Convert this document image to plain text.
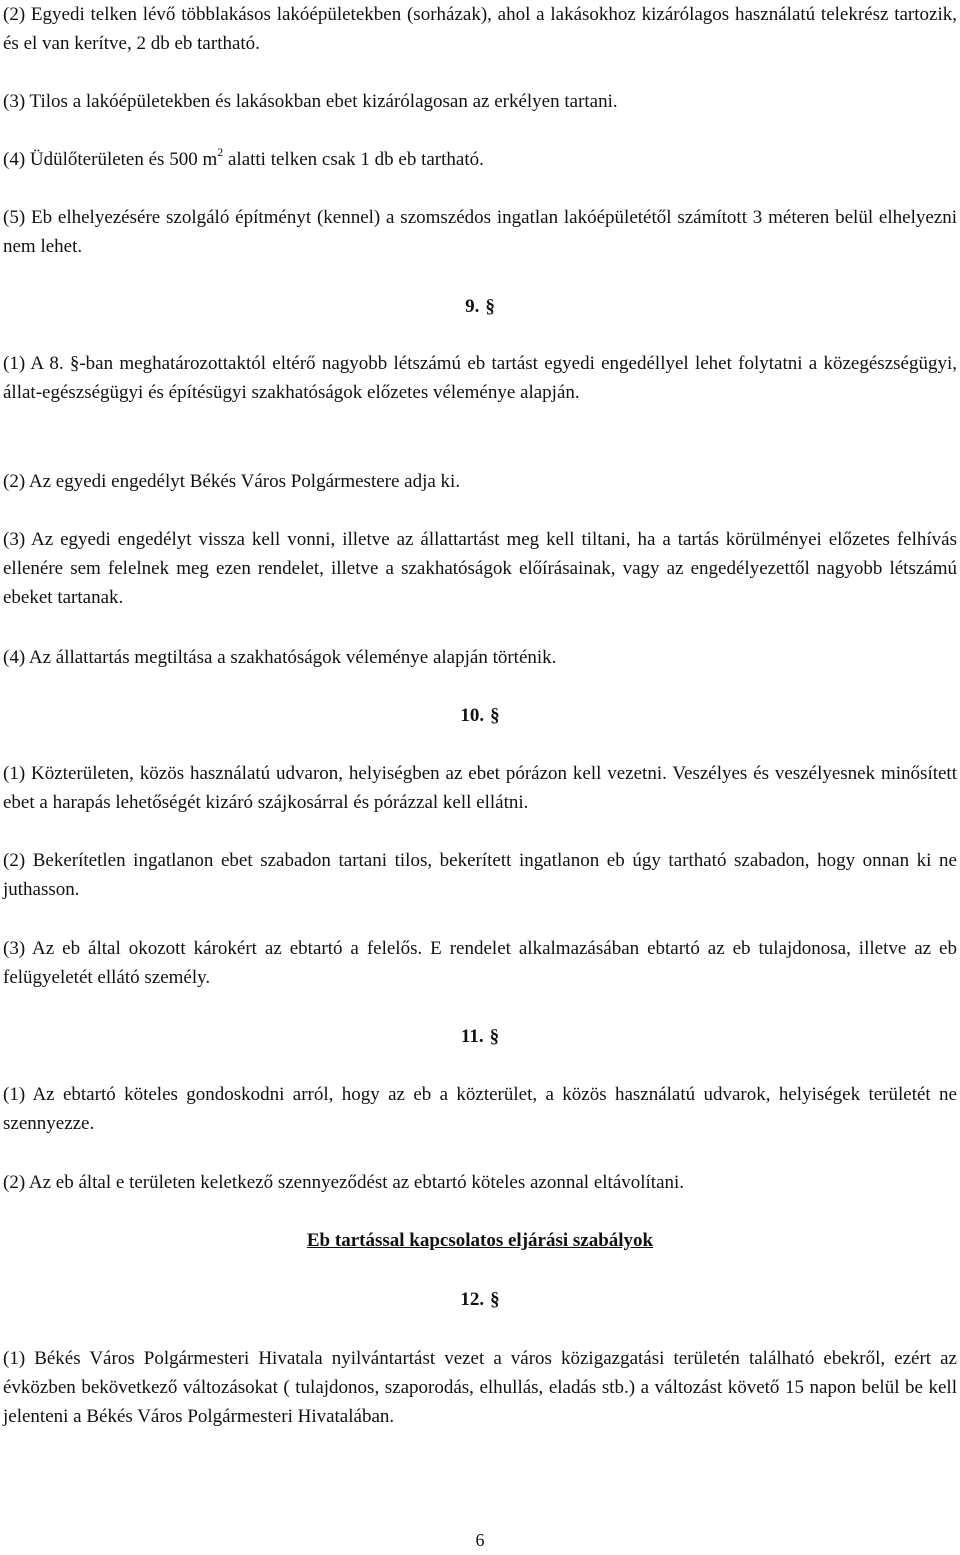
(2) Egyedi telken lévő többlakásos lakóépületekben (sorházak), ahol a lakásokhoz kizárólagos használatú telekrész tartozik, és el van kerítve, 2 db eb tartható.

(3) Tilos a lakóépületekben és lakásokban ebet kizárólagosan az erkélyen tartani.

(4) Üdülőterületen és 500 $m^2$ alatti telken csak 1 db eb tartható.

(5) Eb elhelyezésére szolgáló építményt (kennel) a szomszédos ingatlan lakóépületétől számított 3 méteren belül elhelyezni nem lehet.

9. §

(1) A 8. §-ban meghatározottaktól eltérő nagyobb létszámú eb tartást egyedi engedéllyel lehet folytatni a közegészségügyi, állat-egészségügyi és építésügyi szakhatóságok előzetes véleménye alapján.

(2) Az egyedi engedélyt Békés Város Polgármestere adja ki.

(3) Az egyedi engedélyt vissza kell vonni, illetve az állattartást meg kell tiltani, ha a tartás körülményei előzetes felhívás ellenére sem felelnek meg ezen rendelet, illetve a szakhatóságok előírásainak, vagy az engedélyezettől nagyobb létszámú ebeket tartanak.

(4) Az állattartás megtiltása a szakhatóságok véleménye alapján történik.

10. §

(1) Közterületen, közös használatú udvaron, helyiségben az ebet pórázon kell vezetni. Veszélyes és veszélyesnek minősített ebet a harapás lehetőségét kizáró szájkosárral és pórázzal kell ellátni.

(2) Bekerítetlen ingatlanon ebet szabadon tartani tilos, bekerített ingatlanon eb úgy tartható szabadon, hogy onnan ki ne juthasson.

(3) Az eb által okozott károkért az ebtartó a felelős. E rendelet alkalmazásában ebtartó az eb tulajdonosa, illetve az eb felügyeletét ellátó személy.

11. §

(1) Az ebtartó köteles gondoskodni arról, hogy az eb a közterület, a közös használatú udvarok, helyiségek területét ne szennyezze.

(2) Az eb által e területen keletkező szennyeződést az ebtartó köteles azonnal eltávolítani.

Eb tartással kapcsolatos eljárási szabályok
12. §

(1) Békés Város Polgármesteri Hivatala nyilvántartást vezet a város közigazgatási területén található ebekről, ezért az évközben bekövetkező változásokat ( tulajdonos, szaporodás, elhullás, eladás stb.) a változást követő 15 napon belül be kell jelenteni a Békés Város Polgármesteri Hivatalában.

6
